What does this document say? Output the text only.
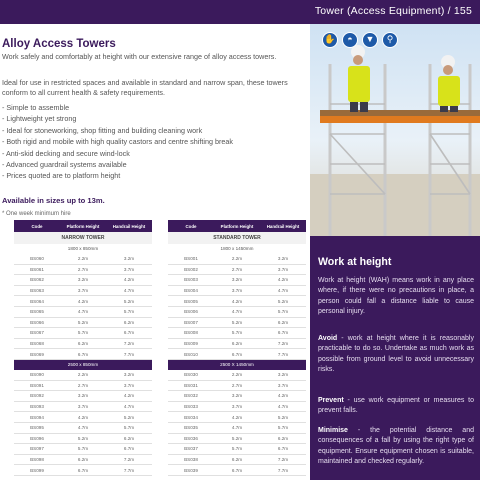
Tower (Access Equipment) / 155
✋	◓	▼	⚲
Alloy Access Towers
Work safely and comfortably at height with our extensive range of alloy access towers.
Ideal for use in restricted spaces and available in standard and narrow span, these towers conform to all current health & safety requirements.
- Simple to assemble
- Lightweight yet strong
- Ideal for stoneworking, shop fitting and building cleaning work
- Both rigid and mobile with high quality castors and centre shifting break
- Anti-skid decking and secure wind-lock
- Advanced guardrail systems available
- Prices quoted are to platform height
Available in sizes up to 13m.
* One week minimum hire
Code	Platform Height	Handrail Height
NARROW TOWER
1800 x 850mm
BS060	2.2m	3.2m
BS061	2.7m	3.7m
BS062	3.2m	4.2m
BS063	3.7m	4.7m
BS064	4.2m	5.2m
BS065	4.7m	5.7m
BS066	5.2m	6.2m
BS067	5.7m	6.7m
BS068	6.2m	7.2m
BS069	6.7m	7.7m
2500 x 850mm
BS090	2.2m	3.2m
BS091	2.7m	3.7m
BS092	3.2m	4.2m
BS093	3.7m	4.7m
BS094	4.2m	5.2m
BS095	4.7m	5.7m
BS096	5.2m	6.2m
BS097	5.7m	6.7m
BS098	6.2m	7.2m
BS099	6.7m	7.7m
Code	Platform Height	Handrail Height
STANDARD TOWER
1800 x 1450mm
BS001	2.2m	3.2m
BS002	2.7m	3.7m
BS003	3.2m	4.2m
BS004	3.7m	4.7m
BS005	4.2m	5.2m
BS006	4.7m	5.7m
BS007	5.2m	6.2m
BS008	5.7m	6.7m
BS009	6.2m	7.2m
BS010	6.7m	7.7m
2500 X 1450mm
BS030	2.2m	3.2m
BS031	2.7m	3.7m
BS032	3.2m	4.2m
BS033	3.7m	4.7m
BS034	4.2m	5.2m
BS035	4.7m	5.7m
BS036	5.2m	6.2m
BS037	5.7m	6.7m
BS038	6.2m	7.2m
BS039	6.7m	7.7m
Work at height
Work at height (WAH) means work in any place where, if there were no precautions in place, a person could fall a distance liable to cause personal injury.
Avoid - work at height where it is reasonably practicable to do so. Undertake as much work as possible from ground level to avoid unnecessary risks.
Prevent - use work equipment or measures to prevent falls.
Minimise - the potential distance and consequences of a fall by using the right type of equipment. Ensure equipment chosen is suitable, maintained and checked regularly.
